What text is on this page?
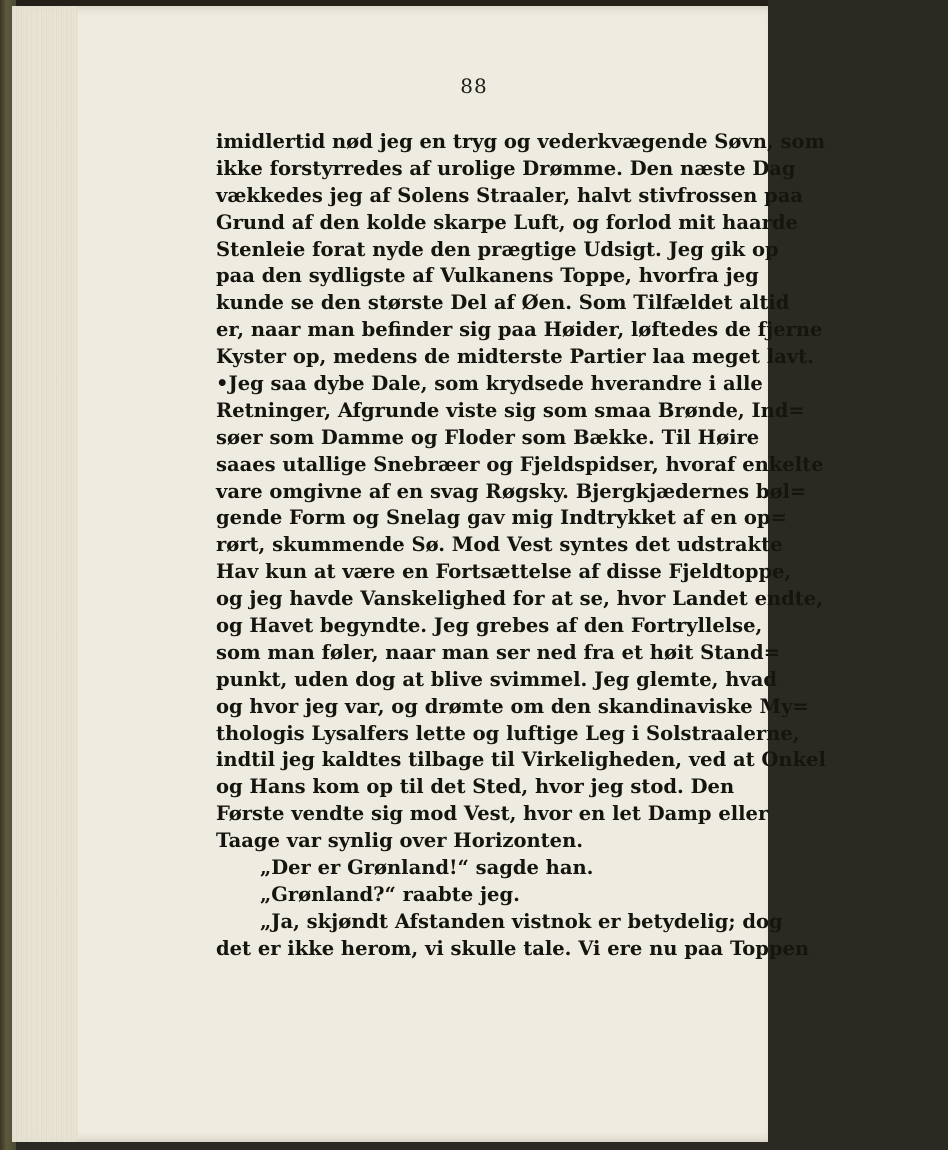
88
imidlertid nød jeg en tryg og vederkvægende Søvn, som
ikke forstyrredes af urolige Drømme. Den næste Dag
vækkedes jeg af Solens Straaler, halvt stivfrossen paa
Grund af den kolde skarpe Luft, og forlod mit haarde
Stenleie forat nyde den prægtige Udsigt. Jeg gik op
paa den sydligste af Vulkanens Toppe, hvorfra jeg
kunde se den største Del af Øen. Som Tilfældet altid
er, naar man befinder sig paa Høider, løftedes de fjerne
Kyster op, medens de midterste Partier laa meget lavt.
•Jeg saa dybe Dale, som krydsede hverandre i alle
Retninger, Afgrunde viste sig som smaa Brønde, Ind=
søer som Damme og Floder som Bække. Til Høire
saaes utallige Snebræer og Fjeldspidser, hvoraf enkelte
vare omgivne af en svag Røgsky. Bjergkjædernes bøl=
gende Form og Snelag gav mig Indtrykket af en op=
rørt, skummende Sø. Mod Vest syntes det udstrakte
Hav kun at være en Fortsættelse af disse Fjeldtoppe,
og jeg havde Vanskelighed for at se, hvor Landet endte,
og Havet begyndte. Jeg grebes af den Fortryllelse,
som man føler, naar man ser ned fra et høit Stand=
punkt, uden dog at blive svimmel. Jeg glemte, hvad
og hvor jeg var, og drømte om den skandinaviske My=
thologis Lysalfers lette og luftige Leg i Solstraalerne,
indtil jeg kaldtes tilbage til Virkeligheden, ved at Onkel
og Hans kom op til det Sted, hvor jeg stod. Den
Første vendte sig mod Vest, hvor en let Damp eller
Taage var synlig over Horizonten.
„Der er Grønland!“ sagde han.
„Grønland?“ raabte jeg.
„Ja, skjøndt Afstanden vistnok er betydelig; dog
det er ikke herom, vi skulle tale. Vi ere nu paa Toppen
